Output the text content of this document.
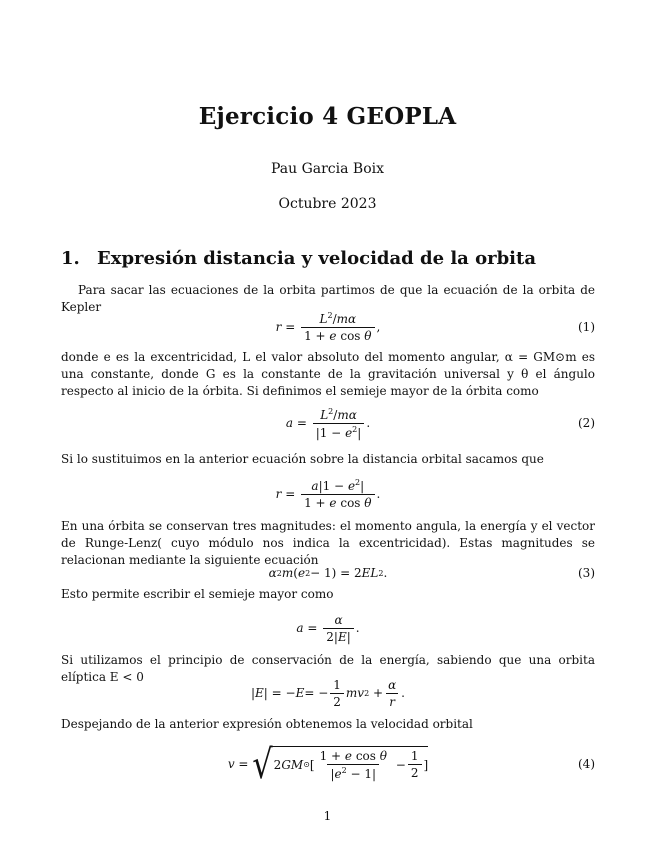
Ejercicio 4 GEOPLA
Pau Garcia Boix
Octubre 2023
1. Expresión distancia y velocidad de la orbita
Para sacar las ecuaciones de la orbita partimos de que la ecuación de la orbita de Kepler
$r = \frac{L^2/m\alpha}{\text{1 + e cos θ}}$ ,	(1)
donde e es la excentricidad, L el valor absoluto del momento angular, α = GM⊙m es una constante, donde G es la constante de la gravitación universal y θ el ángulo respecto al inicio de la órbita. Si definimos el semieje mayor de la órbita como
$a = \frac{L^2/m\alpha}{|1 - e^2|}$ .	(2)
Si lo sustituimos en la anterior ecuación sobre la distancia orbital sacamos que
$r = \frac{a|1 - e^2|}{\text{1 + e cos θ}}$ .
En una órbita se conservan tres magnitudes: el momento angula, la energía y el vector de Runge-Lenz( cuyo módulo nos indica la excentricidad). Estas magnitudes se relacionan mediante la siguiente ecuación
α 2 m ( e 2 − 1) = 2 EL 2 .	(3)
Esto permite escribir el semieje mayor como
$a = \frac{\alpha}{2|E|}$ .
Si utilizamos el principio de conservación de la energía, sabiendo que una orbita elíptica E < 0
| E | = − E = − $\frac{1}{2}$ mv $2 + \frac{\alpha}{r}$ .
Despejando de la anterior expresión obtenemos la velocidad orbital
v = √ 2 GM ⊙ [ $\frac{\text{1 + e cos θ}}{|e^2 - 1|} - \frac{1}{2}$ ]	(4)
1
